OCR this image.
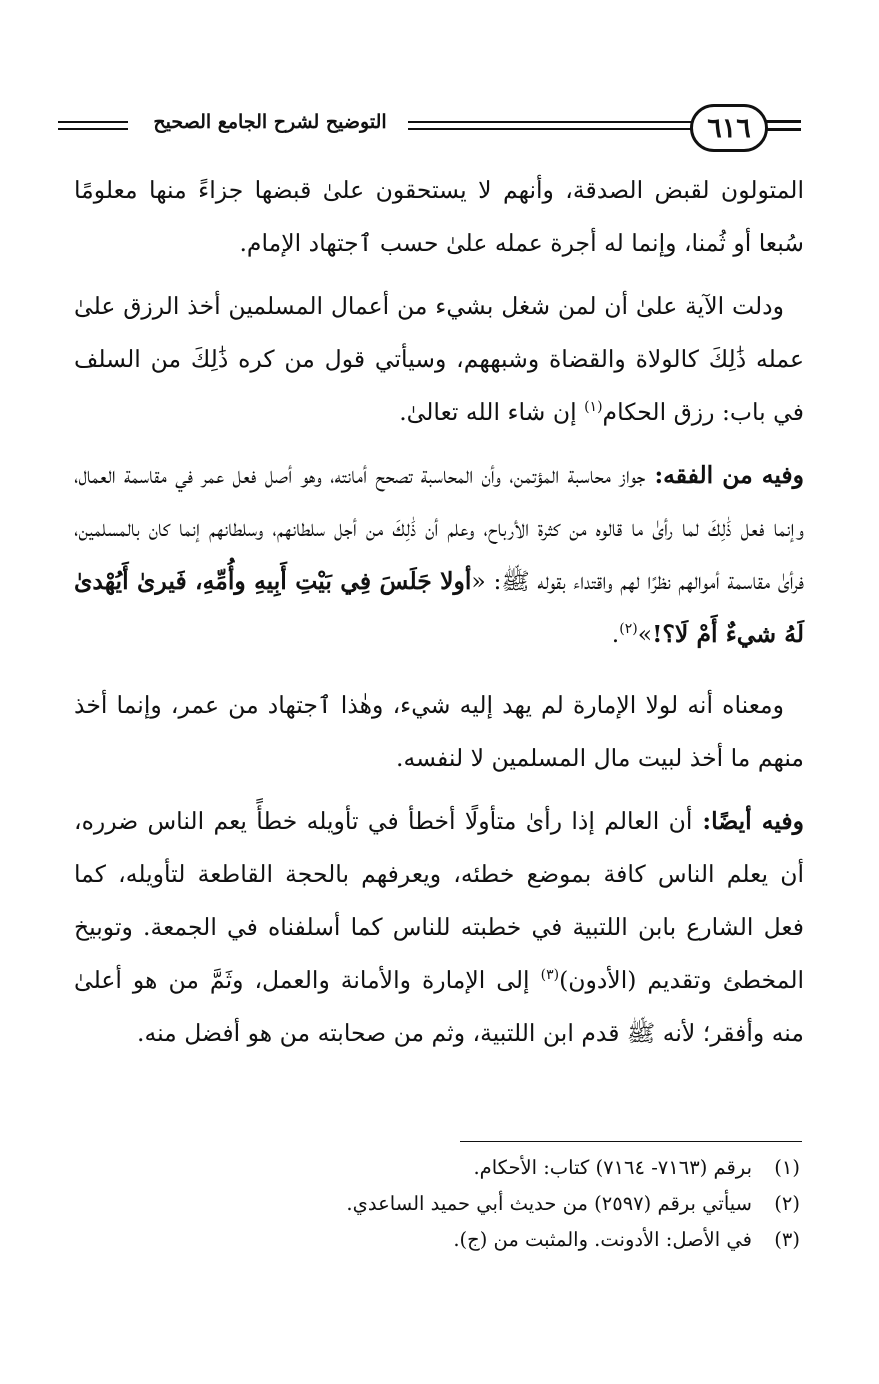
التوضيح لشرح الجامع الصحيح	٦١٦

المتولون لقبض الصدقة، وأنهم لا يستحقون علىٰ قبضها جزاءً منها معلومًا سُبعا أو ثُمنا، وإنما له أجرة عمله علىٰ حسب ٱجتهاد الإمام.

ودلت الآية علىٰ أن لمن شغل بشيء من أعمال المسلمين أخذ الرزق علىٰ عمله ذَٰلِكَ كالولاة والقضاة وشبههم، وسيأتي قول من كره ذَٰلِكَ من السلف في باب: رزق الحكام$^{(١)}$ إن شاء الله تعالىٰ.

وفيه من الفقه: جواز محاسبة المؤتمن، وأن المحاسبة تصحح أمانته، وهو أصل فعل عمر في مقاسمة العمال، وإنما فعل ذَٰلِكَ لما رأىٰ ما قالوه من كثرة الأرباح، وعلم أن ذَٰلِكَ من أجل سلطانهم، وسلطانهم إنما كان بالمسلمين، فرأىٰ مقاسمة أموالهم نظرًا لهم واقتداء بقوله ﷺ: «أولا جَلَسَ فِي بَيْتِ أَبِيهِ وأُمِّهِ، فَيرىٰ أَيُهْدىٰ لَهُ شيءٌ أَمْ لَا؟!»$^{(٢)}$.

ومعناه أنه لولا الإمارة لم يهد إليه شيء، وهٰذا ٱجتهاد من عمر، وإنما أخذ منهم ما أخذ لبيت مال المسلمين لا لنفسه.

وفيه أيضًا: أن العالم إذا رأىٰ متأولًا أخطأ في تأويله خطأً يعم الناس ضرره، أن يعلم الناس كافة بموضع خطئه، ويعرفهم بالحجة القاطعة لتأويله، كما فعل الشارع بابن اللتبية في خطبته للناس كما أسلفناه في الجمعة. وتوبيخ المخطئ وتقديم (الأدون)$^{(٣)}$ إلى الإمارة والأمانة والعمل، وثَمَّ من هو أعلىٰ منه وأفقر؛ لأنه ﷺ قدم ابن اللتبية، وثم من صحابته من هو أفضل منه.

(١)
برقم (٧١٦٣- ٧١٦٤) كتاب: الأحكام.
(٢)
سيأتي برقم (٢٥٩٧) من حديث أبي حميد الساعدي.
(٣)
في الأصل: الأدونت. والمثبت من (ج).
